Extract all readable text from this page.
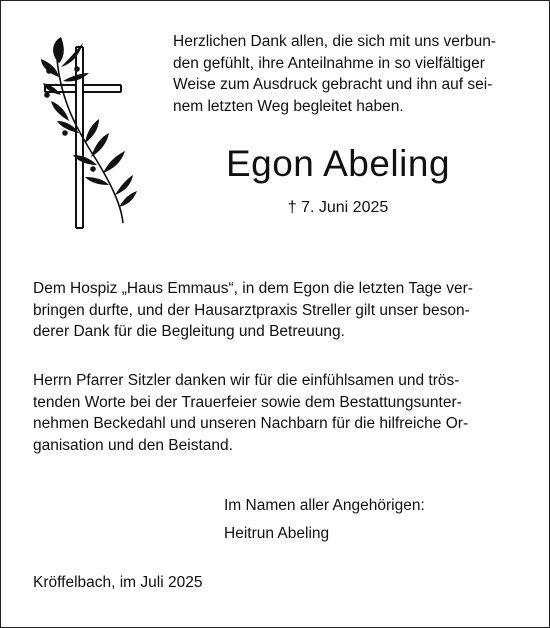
Herzlichen Dank allen, die sich mit uns verbun-
den gefühlt, ihre Anteilnahme in so vielfältiger
Weise zum Ausdruck gebracht und ihn auf sei-
nem letzten Weg begleitet haben.
Egon Abeling
† 7. Juni 2025
Dem Hospiz „Haus Emmaus“, in dem Egon die letzten Tage ver-
bringen durfte, und der Hausarztpraxis Streller gilt unser beson-
derer Dank für die Begleitung und Betreuung.
Herrn Pfarrer Sitzler danken wir für die einfühlsamen und trös-
tenden Worte bei der Trauerfeier sowie dem Bestattungsunter-
nehmen Beckedahl und unseren Nachbarn für die hilfreiche Or-
ganisation und den Beistand.
Im Namen aller Angehörigen:
Heitrun Abeling
Kröffelbach, im Juli 2025
